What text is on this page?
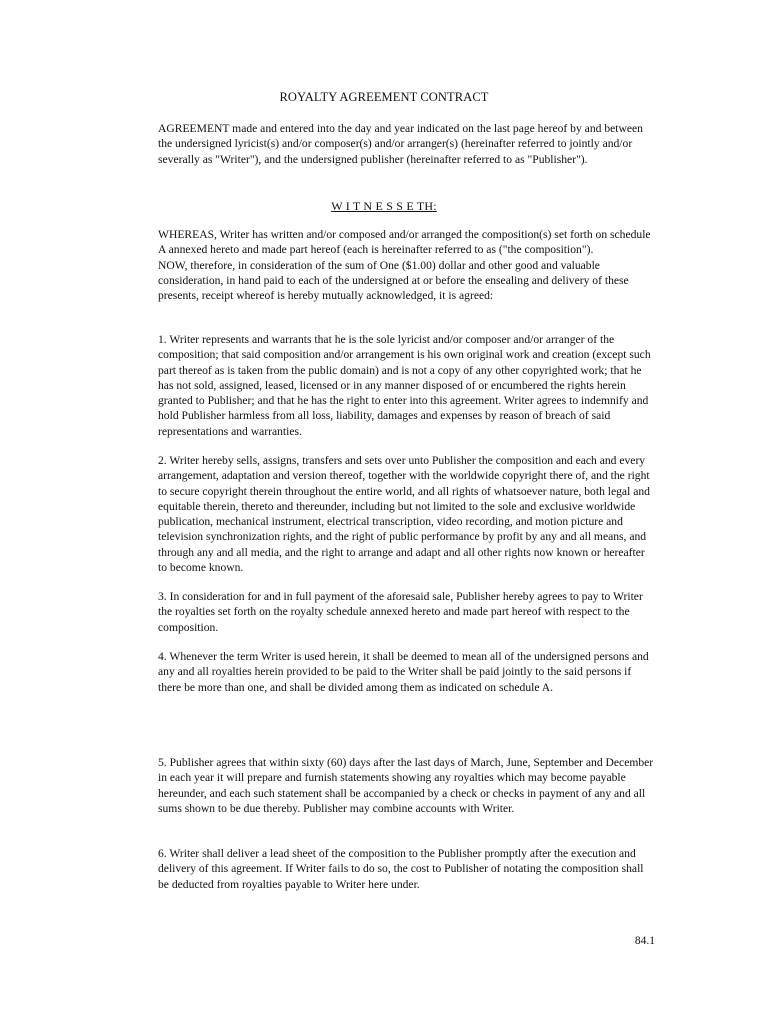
ROYALTY AGREEMENT CONTRACT

AGREEMENT made and entered into the day and year indicated on the last page hereof by and between the undersigned lyricist(s) and/or composer(s) and/or arranger(s) (hereinafter referred to jointly and/or severally as "Writer"), and the undersigned publisher (hereinafter referred to as "Publisher").

W I T N E S S E TH:

WHEREAS, Writer has written and/or composed and/or arranged the composition(s) set forth on schedule A annexed hereto and made part hereof (each is hereinafter referred to as ("the composition").

NOW, therefore, in consideration of the sum of One ($1.00) dollar and other good and valuable consideration, in hand paid to each of the undersigned at or before the ensealing and delivery of these presents, receipt whereof is hereby mutually acknowledged, it is agreed:

1. Writer represents and warrants that he is the sole lyricist and/or composer and/or arranger of the composition; that said composition and/or arrangement is his own original work and creation (except such part thereof as is taken from the public domain) and is not a copy of any other copyrighted work; that he has not sold, assigned, leased, licensed or in any manner disposed of or encumbered the rights herein granted to Publisher; and that he has the right to enter into this agreement. Writer agrees to indemnify and hold Publisher harmless from all loss, liability, damages and expenses by reason of breach of said representations and warranties.

2. Writer hereby sells, assigns, transfers and sets over unto Publisher the composition and each and every arrangement, adaptation and version thereof, together with the worldwide copyright there of, and the right to secure copyright therein throughout the entire world, and all rights of whatsoever nature, both legal and equitable therein, thereto and thereunder, including but not limited to the sole and exclusive worldwide publication, mechanical instrument, electrical transcription, video recording, and motion picture and television synchronization rights, and the right of public performance by profit by any and all means, and through any and all media, and the right to arrange and adapt and all other rights now known or hereafter to become known.

3. In consideration for and in full payment of the aforesaid sale, Publisher hereby agrees to pay to Writer the royalties set forth on the royalty schedule annexed hereto and made part hereof with respect to the composition.

4. Whenever the term Writer is used herein, it shall be deemed to mean all of the undersigned persons and any and all royalties herein provided to be paid to the Writer shall be paid jointly to the said persons if there be more than one, and shall be divided among them as indicated on schedule A.

5. Publisher agrees that within sixty (60) days after the last days of March, June, September and December in each year it will prepare and furnish statements showing any royalties which may become payable hereunder, and each such statement shall be accompanied by a check or checks in payment of any and all sums shown to be due thereby. Publisher may combine accounts with Writer.

6. Writer shall deliver a lead sheet of the composition to the Publisher promptly after the execution and delivery of this agreement. If Writer fails to do so, the cost to Publisher of notating the composition shall be deducted from royalties payable to Writer here under.

84.1
